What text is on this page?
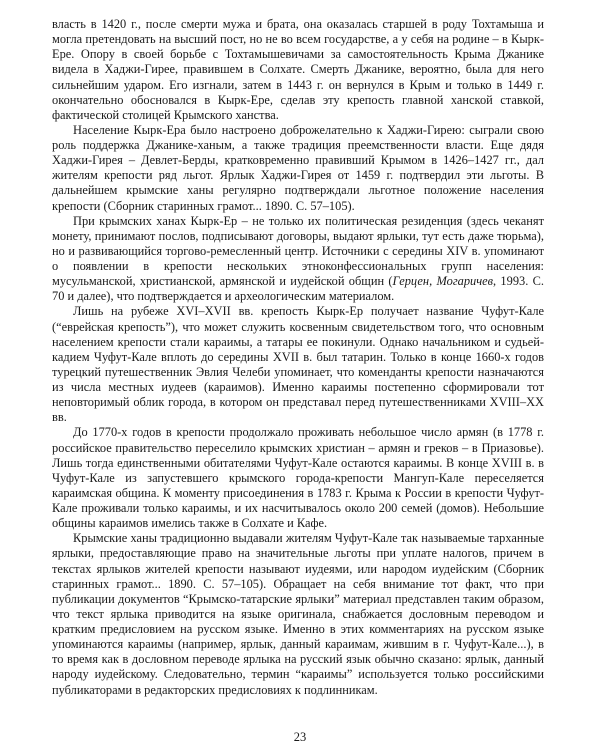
власть в 1420 г., после смерти мужа и брата, она оказалась старшей в роду Тохтамыша и могла претендовать на высший пост, но не во всем государстве, а у себя на родине – в Кырк-Ере. Опору в своей борьбе с Тохтамышевичами за самостоятельность Крыма Джанике видела в Хаджи-Гирее, правившем в Солхате. Смерть Джанике, вероятно, была для него сильнейшим ударом. Его изгнали, затем в 1443 г. он вернулся в Крым и только в 1449 г. окончательно обосновался в Кырк-Ере, сделав эту крепость главной ханской ставкой, фактической столицей Крымского ханства.

Население Кырк-Ера было настроено доброжелательно к Хаджи-Гирею: сыграли свою роль поддержка Джанике-ханым, а также традиция преемственности власти. Еще дядя Хаджи-Гирея – Девлет-Берды, кратковременно правивший Крымом в 1426–1427 гг., дал жителям крепости ряд льгот. Ярлык Хаджи-Гирея от 1459 г. подтвердил эти льготы. В дальнейшем крымские ханы регулярно подтверждали льготное положение населения крепости (Сборник старинных грамот... 1890. С. 57–105).

При крымских ханах Кырк-Ер – не только их политическая резиденция (здесь чеканят монету, принимают послов, подписывают договоры, выдают ярлыки, тут есть даже тюрьма), но и развивающийся торгово-ремесленный центр. Источники с середины XIV в. упоминают о появлении в крепости нескольких этноконфессиональных групп населения: мусульманской, христианской, армянской и иудейской общин (Герцен, Могаричев, 1993. С. 70 и далее), что подтверждается и археологическим материалом.

Лишь на рубеже XVI–XVII вв. крепость Кырк-Ер получает название Чуфут-Кале (“еврейская крепость”), что может служить косвенным свидетельством того, что основным населением крепости стали караимы, а татары ее покинули. Однако начальником и судьей-кадием Чуфут-Кале вплоть до середины XVII в. был татарин. Только в конце 1660-х годов турецкий путешественник Эвлия Челеби упоминает, что коменданты крепости назначаются из числа местных иудеев (караимов). Именно караимы постепенно сформировали тот неповторимый облик города, в котором он представал перед путешественниками XVIII–XX вв.

До 1770-х годов в крепости продолжало проживать небольшое число армян (в 1778 г. российское правительство переселило крымских христиан – армян и греков – в Приазовье). Лишь тогда единственными обитателями Чуфут-Кале остаются караимы. В конце XVIII в. в Чуфут-Кале из запустевшего крымского города-крепости Мангуп-Кале переселяется караимская община. К моменту присоединения в 1783 г. Крыма к России в крепости Чуфут-Кале проживали только караимы, и их насчитывалось около 200 семей (домов). Небольшие общины караимов имелись также в Солхате и Кафе.

Крымские ханы традиционно выдавали жителям Чуфут-Кале так называемые тарханные ярлыки, предоставляющие право на значительные льготы при уплате налогов, причем в текстах ярлыков жителей крепости называют иудеями, или народом иудейским (Сборник старинных грамот... 1890. С. 57–105). Обращает на себя внимание тот факт, что при публикации документов “Крымско-татарские ярлыки” материал представлен таким образом, что текст ярлыка приводится на языке оригинала, снабжается дословным переводом и кратким предисловием на русском языке. Именно в этих комментариях на русском языке упоминаются караимы (например, ярлык, данный караимам, жившим в г. Чуфут-Кале...), в то время как в дословном переводе ярлыка на русский язык обычно сказано: ярлык, данный народу иудейскому. Следовательно, термин “караимы” используется только российскими публикаторами в редакторских предисловиях к подлинникам.

23
